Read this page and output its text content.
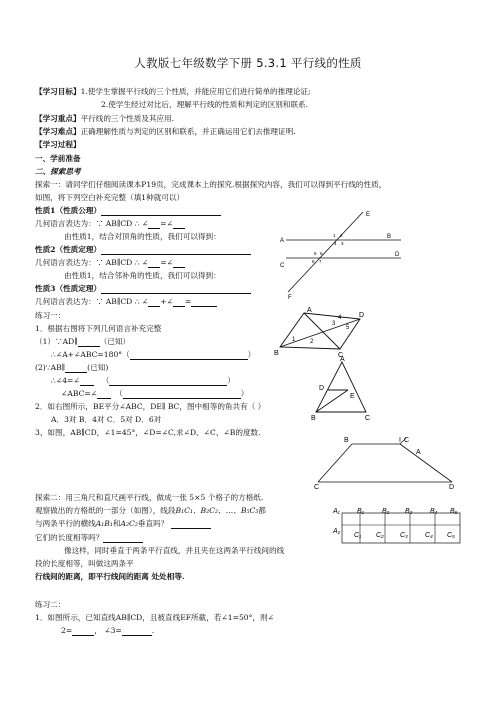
人教版七年级数学下册 5.3.1 平行线的性质
【学习目标】1.使学生掌握平行线的三个性质，并能应用它们进行简单的推理论证;
2.使学生经过对比后，理解平行线的性质和判定的区别和联系.
【学习重点】平行线的三个性质及其应用.
【学习难点】正确理解性质与判定的区别和联系，并正确运用它们去推理证明.
【学习过程】
一、学前准备
二、探索思考
探索一：请同学们仔细阅读课本P19页，完成课本上的探究.根据探究内容，我们可以得到平行线的性质，
如图，将下列空白补充完整（填1种就可以）
性质1（性质公理）
几何语言表达为：∵ AB∥CD ∴ ∠ =∠
由性质1，结合对顶角的性质，我们可以得到：
性质2（性质定理）
几何语言表达为：∵ AB∥CD ∴ ∠ =∠
由性质1，结合邻补角的性质，我们可以得到：
性质3（性质定理）
几何语言表达为：∵ AB∥CD ∴ ∠ +∠ =
E
A
B
C
D
F
1 2
4 3
5 6
8 7
练习一：
1．根据右图将下列几何语言补充完整
（1）∵AD∥	（已知）
∴∠A+∠ABC=180°（	）
(2)∵AB∥	(已知)
∴∠4=∠	（	）
∠ABC=∠ （	）
2．如右图所示，BE平分∠ABC，DE∥ BC，图中相等的角共有（ ）
A．3对 B．4对 C．5对 D．6对
3、如图，AB∥CD，∠1=45°，∠D=∠C,求∠D、∠C、∠B的度数.
A
D
B	C
1 2
3
4
5
A
D
E
B	C
B	I C
A
C	D
探索二：用三角尺和直尺画平行线，做成一张 5×5 个格子的方格纸.
观察做出的方格纸的一部分（如图），线段B₁C₁、B₂C₂、…、B₅C₅都
与两条平行的横线A₁B₁和A₂C₂垂直吗？
它们的长度相等吗？
像这样，同时垂直于两条平行直线，并且夹在这两条平行线间的线
段的长度相等，叫做这两条平
行线间的距离，即平行线间的距离 处处相等.
A₁
A₂
B₁	B₂ B₃	B₄ B₅
C₁ C₂ C₃ C₄ C₅
练习二：
1．如图所示，已知直线AB∥CD，且被直线EF所截，若∠1=50°，则∠
2=	， ∠3=	.
